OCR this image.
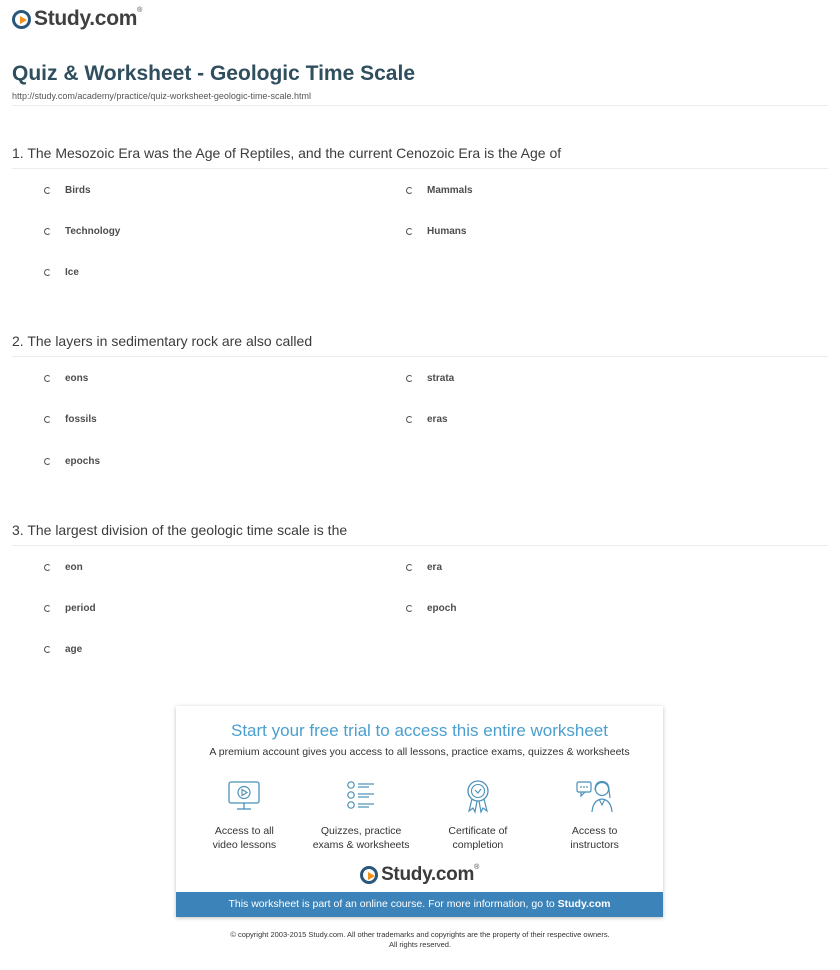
Study.com®
Quiz & Worksheet - Geologic Time Scale
http://study.com/academy/practice/quiz-worksheet-geologic-time-scale.html
1. The Mesozoic Era was the Age of Reptiles, and the current Cenozoic Era is the Age of
Birds	Mammals
Technology	Humans
Ice
2. The layers in sedimentary rock are also called
eons	strata
fossils	eras
epochs
3. The largest division of the geologic time scale is the
eon	era
period	epoch
age
Start your free trial to access this entire worksheet
A premium account gives you access to all lessons, practice exams, quizzes & worksheets
Access to all
video lessons
Quizzes, practice
exams & worksheets
Certificate of
completion
Access to
instructors
Study.com®
This worksheet is part of an online course. For more information, go to Study.com
© copyright 2003-2015 Study.com. All other trademarks and copyrights are the property of their respective owners.
All rights reserved.
